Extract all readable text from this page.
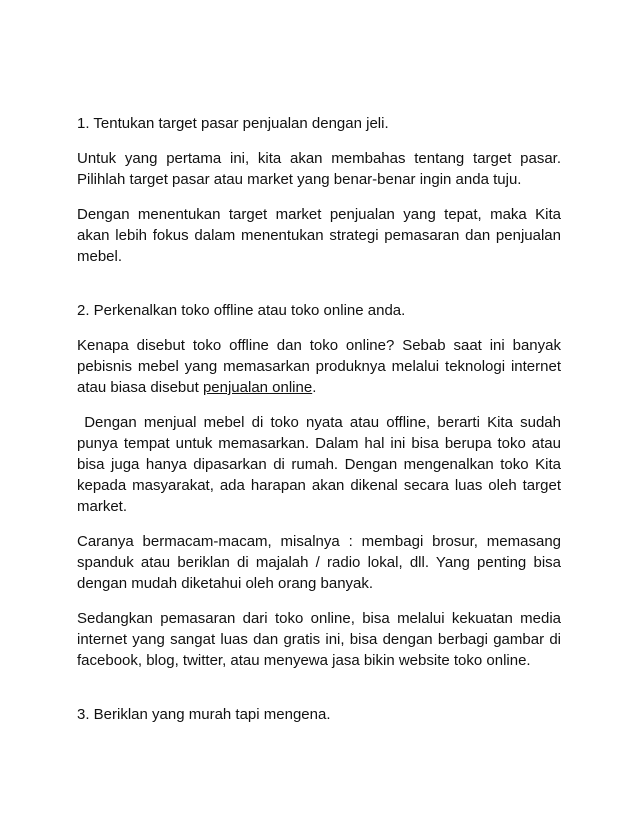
1. Tentukan target pasar penjualan dengan jeli.

Untuk yang pertama ini, kita akan membahas tentang target pasar. Pilihlah target pasar atau market yang benar-benar ingin anda tuju.

Dengan menentukan target market penjualan yang tepat, maka Kita akan lebih fokus dalam menentukan strategi pemasaran dan penjualan mebel.

2. Perkenalkan toko offline atau toko online anda.

Kenapa disebut toko offline dan toko online? Sebab saat ini banyak pebisnis mebel yang memasarkan produknya melalui teknologi internet atau biasa disebut penjualan online.

Dengan menjual mebel di toko nyata atau offline, berarti Kita sudah punya tempat untuk memasarkan. Dalam hal ini bisa berupa toko atau bisa juga hanya dipasarkan di rumah. Dengan mengenalkan toko Kita kepada masyarakat, ada harapan akan dikenal secara luas oleh target market.

Caranya bermacam-macam, misalnya : membagi brosur, memasang spanduk atau beriklan di majalah / radio lokal, dll. Yang penting bisa dengan mudah diketahui oleh orang banyak.

Sedangkan pemasaran dari toko online, bisa melalui kekuatan media internet yang sangat luas dan gratis ini, bisa dengan berbagi gambar di facebook, blog, twitter, atau menyewa jasa bikin website toko online.

3. Beriklan yang murah tapi mengena.
